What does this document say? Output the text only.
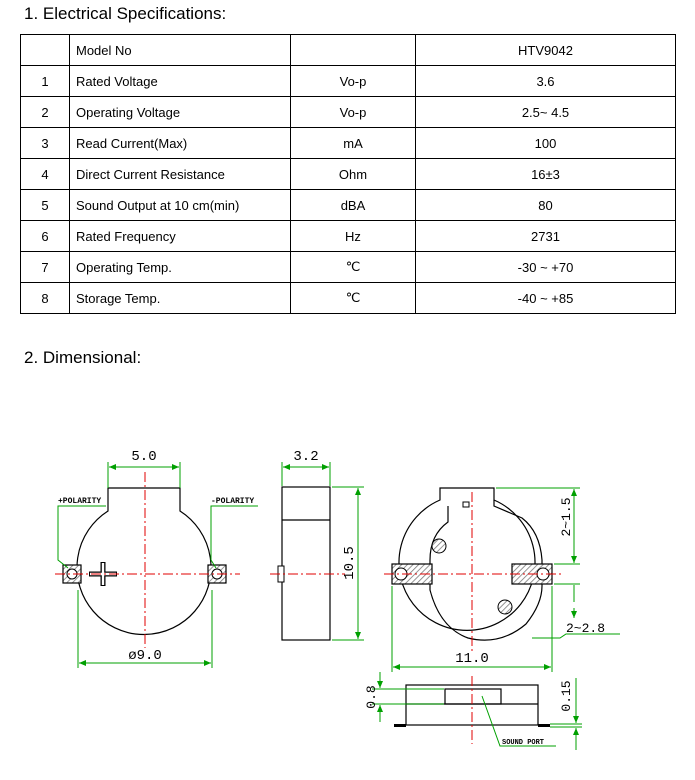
1. Electrical Specifications:
	Model No		HTV9042
1	Rated Voltage	Vo-p	3.6
2	Operating Voltage	Vo-p	2.5~ 4.5
3	Read Current(Max)	mA	100
4	Direct Current Resistance	Ohm	16±3
5	Sound Output at 10 cm(min)	dBA	80
6	Rated Frequency	Hz	2731
7	Operating Temp.	℃	-30 ~ +70
8	Storage Temp.	℃	-40 ~ +85
2. Dimensional:
5.0
ø9.0
+POLARITY	-POLARITY
3.2
10.5
2~1.5
2~2.8
11.0
0.8	0.15
SOUND PORT
